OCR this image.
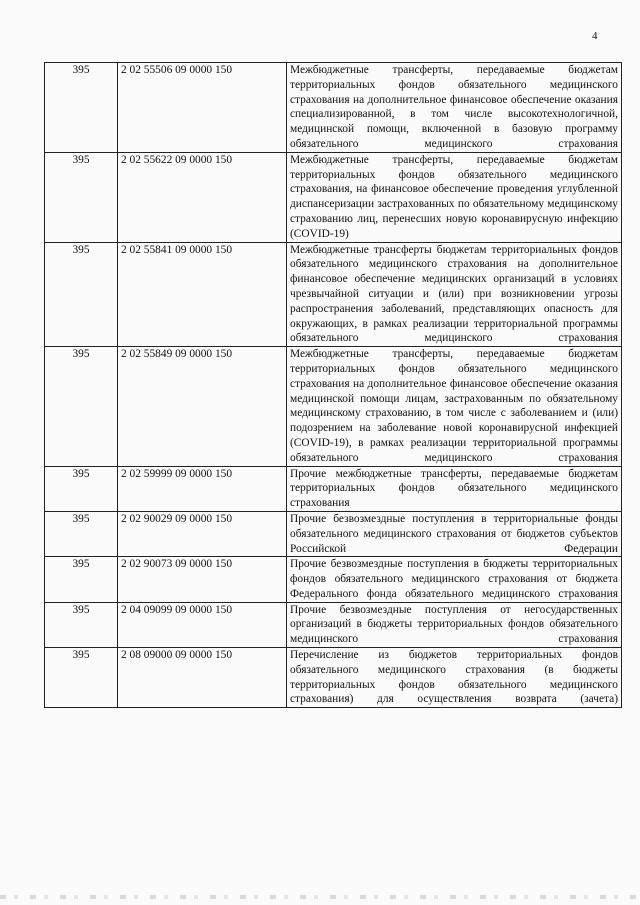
4
395	2 02 55506 09 0000 150	Межбюджетные трансферты, передаваемые бюджетам территориальных фондов обязательного медицинского страхования на дополнительное финансовое обеспечение оказания специализированной, в том числе высокотехнологичной, медицинской помощи, включенной в базовую программу обязательного медицинского страхования
395	2 02 55622 09 0000 150	Межбюджетные трансферты, передаваемые бюджетам территориальных фондов обязательного медицинского страхования, на финансовое обеспечение проведения углубленной диспансеризации застрахованных по обязательному медицинскому страхованию лиц, перенесших новую коронавирусную инфекцию (COVID-19)
395	2 02 55841 09 0000 150	Межбюджетные трансферты бюджетам территориальных фондов обязательного медицинского страхования на дополнительное финансовое обеспечение медицинских организаций в условиях чрезвычайной ситуации и (или) при возникновении угрозы распространения заболеваний, представляющих опасность для окружающих, в рамках реализации территориальной программы обязательного медицинского страхования
395	2 02 55849 09 0000 150	Межбюджетные трансферты, передаваемые бюджетам территориальных фондов обязательного медицинского страхования на дополнительное финансовое обеспечение оказания медицинской помощи лицам, застрахованным по обязательному медицинскому страхованию, в том числе с заболеванием и (или) подозрением на заболевание новой коронавирусной инфекцией (COVID-19), в рамках реализации территориальной программы обязательного медицинского страхования
395	2 02 59999 09 0000 150	Прочие межбюджетные трансферты, передаваемые бюджетам территориальных фондов обязательного медицинского страхования
395	2 02 90029 09 0000 150	Прочие безвозмездные поступления в территориальные фонды обязательного медицинского страхования от бюджетов субъектов Российской Федерации
395	2 02 90073 09 0000 150	Прочие безвозмездные поступления в бюджеты территориальных фондов обязательного медицинского страхования от бюджета Федерального фонда обязательного медицинского страхования
395	2 04 09099 09 0000 150	Прочие безвозмездные поступления от негосударственных организаций в бюджеты территориальных фондов обязательного медицинского страхования
395	2 08 09000 09 0000 150	Перечисление из бюджетов территориальных фондов обязательного медицинского страхования (в бюджеты территориальных фондов обязательного медицинского страхования) для осуществления возврата (зачета)
